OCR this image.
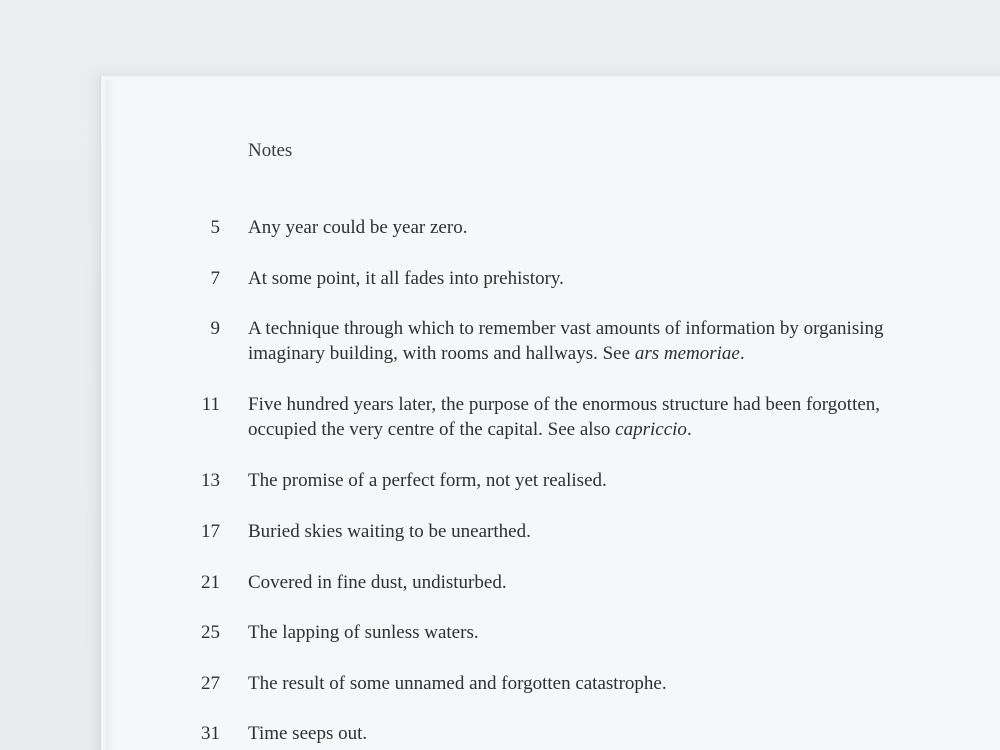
Notes
5 Any year could be year zero.
7 At some point, it all fades into prehistory.
9 A technique through which to remember vast amounts of information by organising
imaginary building, with rooms and hallways. See ars memoriae.
11 Five hundred years later, the purpose of the enormous structure had been forgotten,
occupied the very centre of the capital. See also capriccio.
13 The promise of a perfect form, not yet realised.
17 Buried skies waiting to be unearthed.
21 Covered in fine dust, undisturbed.
25 The lapping of sunless waters.
27 The result of some unnamed and forgotten catastrophe.
31 Time seeps out.
